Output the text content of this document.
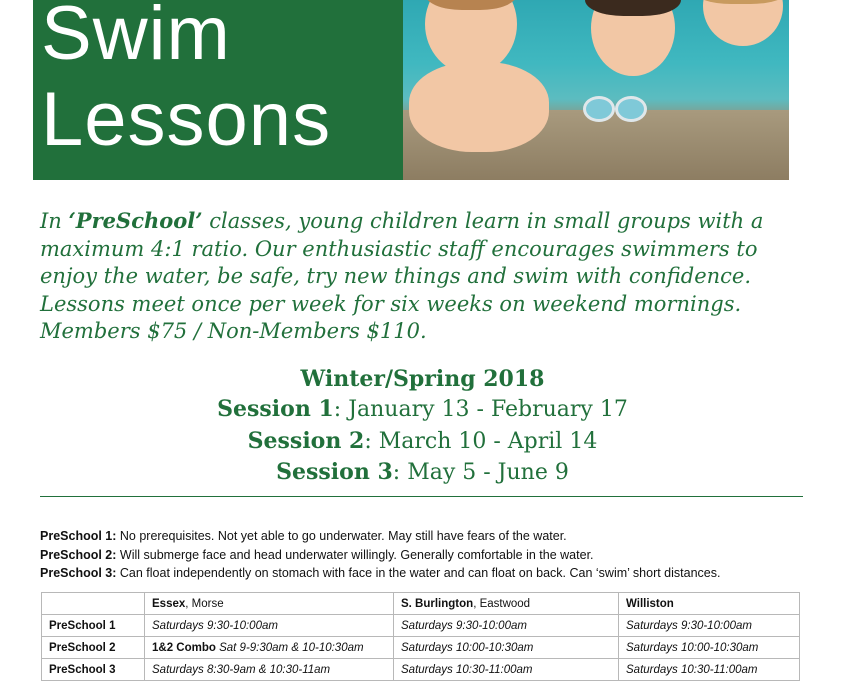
Swim
Lessons
In ‘PreSchool’ classes, young children learn in small groups with a maximum 4:1 ratio. Our enthusiastic staff encourages swimmers to enjoy the water, be safe, try new things and swim with confidence. Lessons meet once per week for six weeks on weekend mornings. Members $75 / Non-Members $110.
Winter/Spring 2018
Session 1: January 13 - February 17
Session 2: March 10 - April 14
Session 3: May 5 - June 9
PreSchool 1: No prerequisites. Not yet able to go underwater. May still have fears of the water.
PreSchool 2: Will submerge face and head underwater willingly. Generally comfortable in the water.
PreSchool 3: Can float independently on stomach with face in the water and can float on back. Can ‘swim’ short distances.
	Essex, Morse	S. Burlington, Eastwood	Williston
PreSchool 1	Saturdays 9:30-10:00am	Saturdays 9:30-10:00am	Saturdays 9:30-10:00am
PreSchool 2	1&2 Combo Sat 9-9:30am & 10-10:30am	Saturdays 10:00-10:30am	Saturdays 10:00-10:30am
PreSchool 3	Saturdays 8:30-9am & 10:30-11am	Saturdays 10:30-11:00am	Saturdays 10:30-11:00am
